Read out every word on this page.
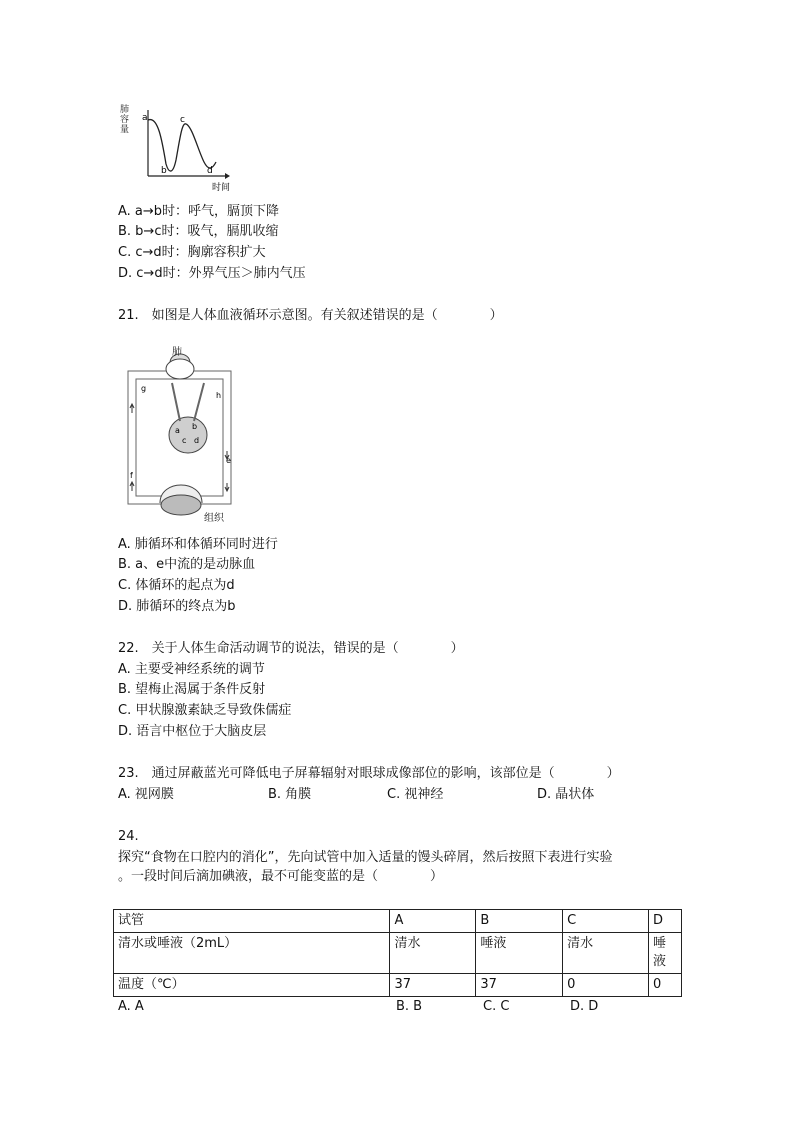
肺容量
a	c
b	d
时间
A. a→b时：呼气，膈顶下降
B. b→c时：吸气，膈肌收缩
C. c→d时：胸廓容积扩大
D. c→d时：外界气压＞肺内气压
21.　如图是人体血液循环示意图。有关叙述错误的是（　　　　）
肺
组织
g
h
a b
c d
e
f
A. 肺循环和体循环同时进行
B. a、e中流的是动脉血
C. 体循环的起点为d
D. 肺循环的终点为b
22.　关于人体生命活动调节的说法，错误的是（　　　　）
A. 主要受神经系统的调节
B. 望梅止渴属于条件反射
C. 甲状腺激素缺乏导致侏儒症
D. 语言中枢位于大脑皮层
23.　通过屏蔽蓝光可降低电子屏幕辐射对眼球成像部位的影响，该部位是（　　　　）
A. 视网膜	B. 角膜	C. 视神经	D. 晶状体
24.
探究“食物在口腔内的消化”，先向试管中加入适量的馒头碎屑，然后按照下表进行实验
。一段时间后滴加碘液，最不可能变蓝的是（　　　　）
试管	A	B	C	D
清水或唾液（2mL）	清水	唾液	清水	唾液
温度（℃）	37	37	0	0
A. A	B. B	C. C	D. D
